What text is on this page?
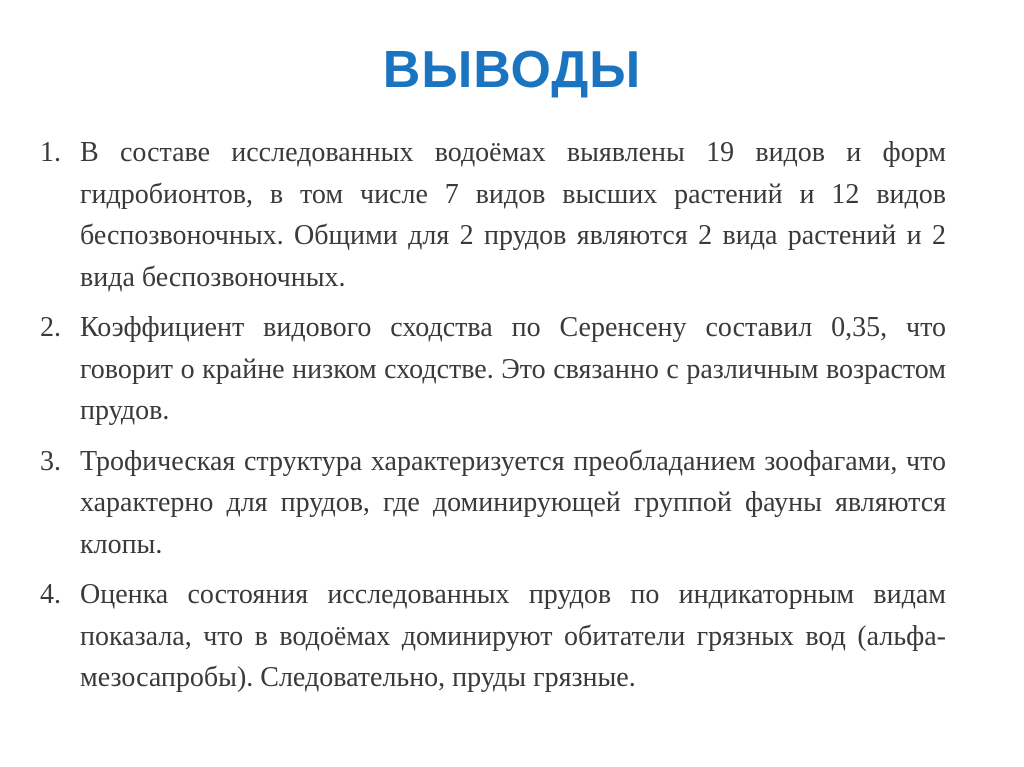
ВЫВОДЫ
1. В составе исследованных водоёмах выявлены 19 видов и форм гидробионтов, в том числе 7 видов высших растений и 12 видов беспозвоночных. Общими для 2 прудов являются 2 вида растений и 2 вида беспозвоночных.
2. Коэффициент видового сходства по Серенсену составил 0,35, что говорит о крайне низком сходстве. Это связанно с различным возрастом прудов.
3. Трофическая структура характеризуется преобладанием зоофагами, что характерно для прудов, где доминирующей группой фауны являются клопы.
4. Оценка состояния исследованных прудов по индикаторным видам показала, что в водоёмах доминируют обитатели грязных вод (альфа-мезосапробы). Следовательно, пруды грязные.
